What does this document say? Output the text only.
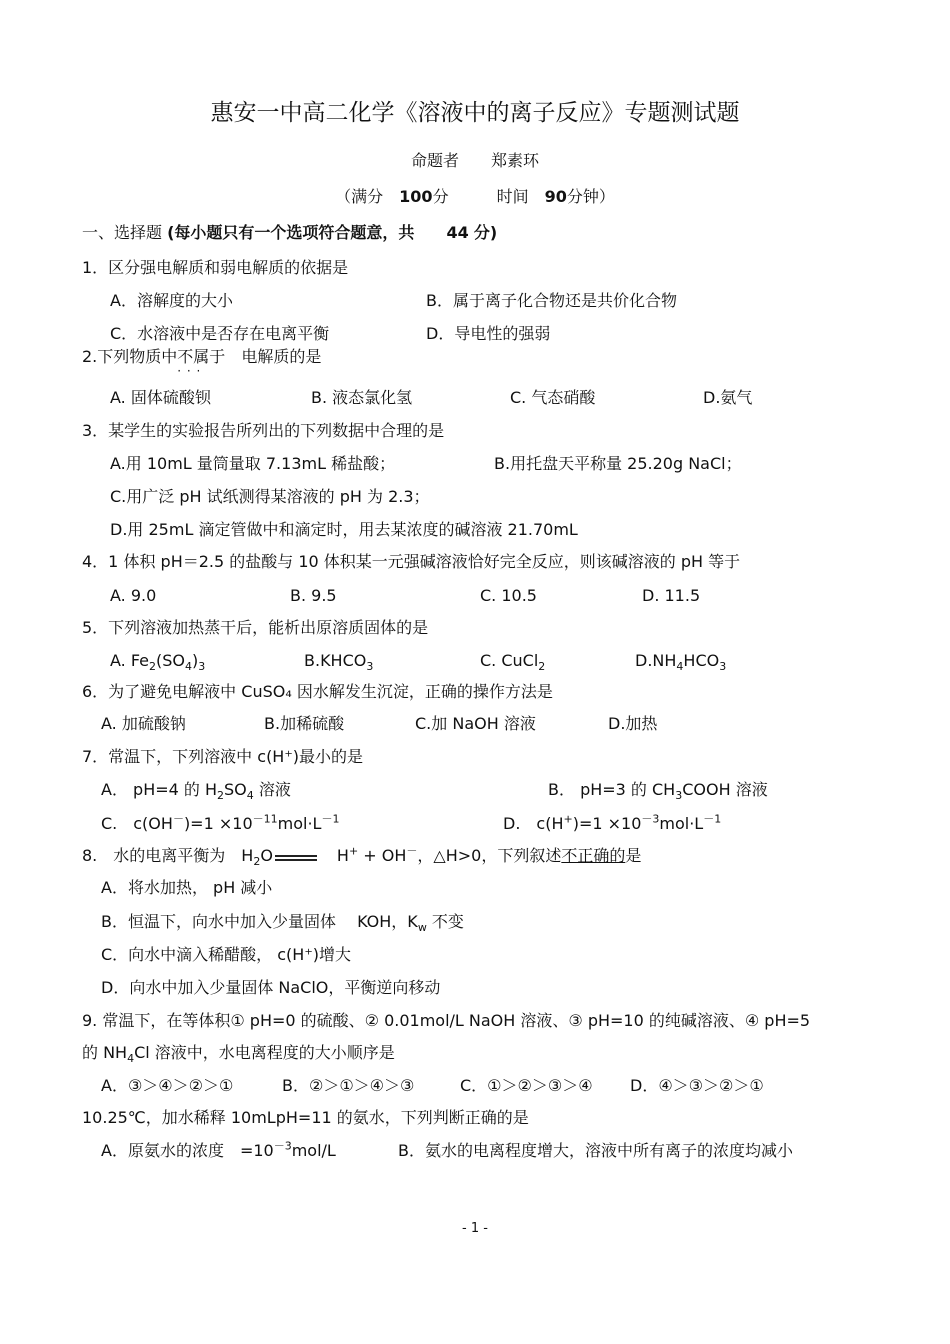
惠安一中高二化学《溶液中的离子反应》专题测试题
命题者　　郑素环
（满分　 100分　　　时间　 90分钟）
一、选择题 (每小题只有一个选项符合题意，共　　 44 分)
1．区分强电解质和弱电解质的依据是
A．溶解度的大小	B．属于离子化合物还是共价化合物
C．水溶液中是否存在电离平衡	D．导电性的强弱
2.下列物质中不属于 · · ·　 电解质的是
A. 固体硫酸钡	B. 液态氯化氢	C. 气态硝酸	D.氨气
3．某学生的实验报告所列出的下列数据中合理的是
A.用 10mL 量筒量取 7.13mL 稀盐酸；	B.用托盘天平称量 25.20g NaCl；
C.用广泛 pH 试纸测得某溶液的 pH 为 2.3；
D.用 25mL 滴定管做中和滴定时，用去某浓度的碱溶液 21.70mL
4．1 体积 pH＝2.5 的盐酸与 10 体积某一元强碱溶液恰好完全反应，则该碱溶液的 pH 等于
A. 9.0	B. 9.5	C. 10.5	D. 11.5
5．下列溶液加热蒸干后，能析出原溶质固体的是
A. $Fe_2(SO_4)_3$	$B.KHCO_3$	C. CuCl$_2$	$D.NH_4HCO_3$
6．为了避免电解液中 CuSO₄ 因水解发生沉淀，正确的操作方法是
A. 加硫酸钠	B.加稀硫酸	C.加 NaOH 溶液	D.加热
7．常温下，下列溶液中 c(H⁺)最小的是
A． pH=4 的 $H_2SO_4$ 溶液	B． pH=3 的 $CH_3COOH$ 溶液
C.　$c(OH^-)=1 \times 10^{-11}mol\cdot L^{-1}$	D.　$c(H^+)=1 \times 10^{-3}mol\cdot L^{-1}$
8.　水的电离平衡为　$H_2O$	　H+ + OH－，△H>0，下列叙述不正确的是
A．将水加热， pH 减小
B．恒温下，向水中加入少量固体　 KOH，$K_w$ 不变
C．向水中滴入稀醋酸， c(H⁺)增大
D．向水中加入少量固体 NaClO，平衡逆向移动
9. 常温下，在等体积① pH=0 的硫酸、② 0.01mol/L NaOH 溶液、③ pH=10 的纯碱溶液、④ pH=5
的 $NH_4Cl$ 溶液中，水电离程度的大小顺序是
A．③＞④＞②＞①	B．②＞①＞④＞③	C．①＞②＞③＞④ D．④＞③＞②＞①
10.25℃，加水稀释 10mLpH=11 的氨水，下列判断正确的是
A．原氨水的浓度　$=10^{-3}mol/L$	B．氨水的电离程度增大，溶液中所有离子的浓度均减小
- 1 -
